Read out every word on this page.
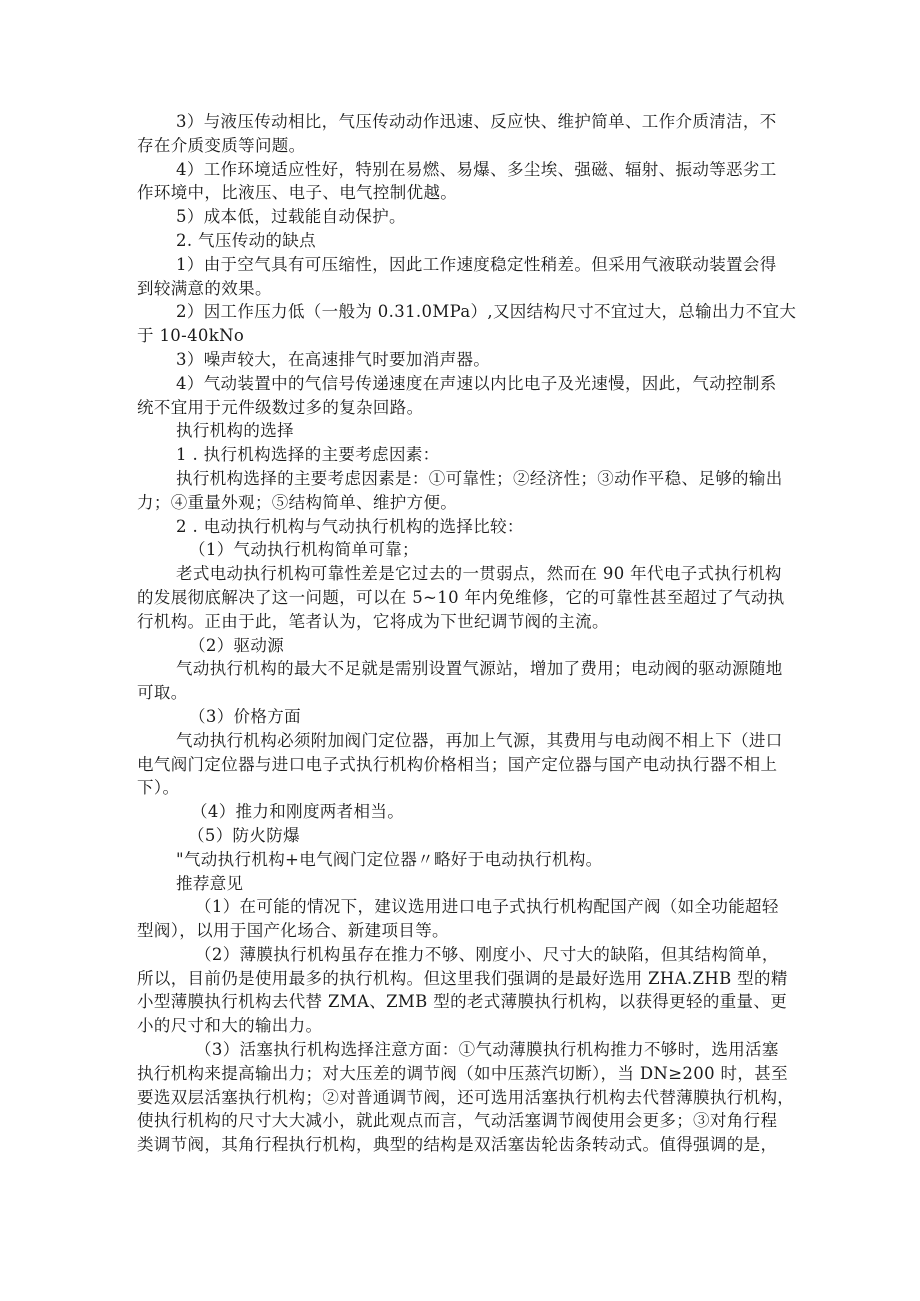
3）与液压传动相比，气压传动动作迅速、反应快、维护简单、工作介质清洁，不
存在介质变质等问题。
4）工作环境适应性好，特别在易燃、易爆、多尘埃、强磁、辐射、振动等恶劣工
作环境中，比液压、电子、电气控制优越。
5）成本低，过载能自动保护。
2. 气压传动的缺点
1）由于空气具有可压缩性，因此工作速度稳定性稍差。但采用气液联动装置会得
到较满意的效果。
2）因工作压力低（一般为 0.31.0MPa）,又因结构尺寸不宜过大，总输出力不宜大
于 10-40kNo
3）噪声较大，在高速排气时要加消声器。
4）气动装置中的气信号传递速度在声速以内比电子及光速慢，因此，气动控制系
统不宜用于元件级数过多的复杂回路。
执行机构的选择
1 . 执行机构选择的主要考虑因素：
执行机构选择的主要考虑因素是：①可靠性；②经济性；③动作平稳、足够的输出
力；④重量外观；⑤结构简单、维护方便。
2 . 电动执行机构与气动执行机构的选择比较：
（1）气动执行机构简单可靠；
老式电动执行机构可靠性差是它过去的一贯弱点，然而在 90 年代电子式执行机构
的发展彻底解决了这一问题，可以在 5~10 年内免维修，它的可靠性甚至超过了气动执
行机构。正由于此，笔者认为，它将成为下世纪调节阀的主流。
（2）驱动源
气动执行机构的最大不足就是需别设置气源站，增加了费用；电动阀的驱动源随地
可取。
（3）价格方面
气动执行机构必须附加阀门定位器，再加上气源，其费用与电动阀不相上下（进口
电气阀门定位器与进口电子式执行机构价格相当；国产定位器与国产电动执行器不相上
下）。
（4）推力和刚度两者相当。
（5）防火防爆
"气动执行机构+电气阀门定位器〃略好于电动执行机构。
推荐意见
（1）在可能的情况下，建议选用进口电子式执行机构配国产阀（如全功能超轻
型阀），以用于国产化场合、新建项目等。
（2）薄膜执行机构虽存在推力不够、刚度小、尺寸大的缺陷，但其结构简单，
所以，目前仍是使用最多的执行机构。但这里我们强调的是最好选用 ZHA.ZHB 型的精
小型薄膜执行机构去代替 ZMA、ZMB 型的老式薄膜执行机构，以获得更轻的重量、更
小的尺寸和大的输出力。
（3）活塞执行机构选择注意方面：①气动薄膜执行机构推力不够时，选用活塞
执行机构来提高输出力；对大压差的调节阀（如中压蒸汽切断），当 DN≥200 时，甚至
要选双层活塞执行机构；②对普通调节阀，还可选用活塞执行机构去代替薄膜执行机构，
使执行机构的尺寸大大减小，就此观点而言，气动活塞调节阀使用会更多；③对角行程
类调节阀，其角行程执行机构，典型的结构是双活塞齿轮齿条转动式。值得强调的是，
